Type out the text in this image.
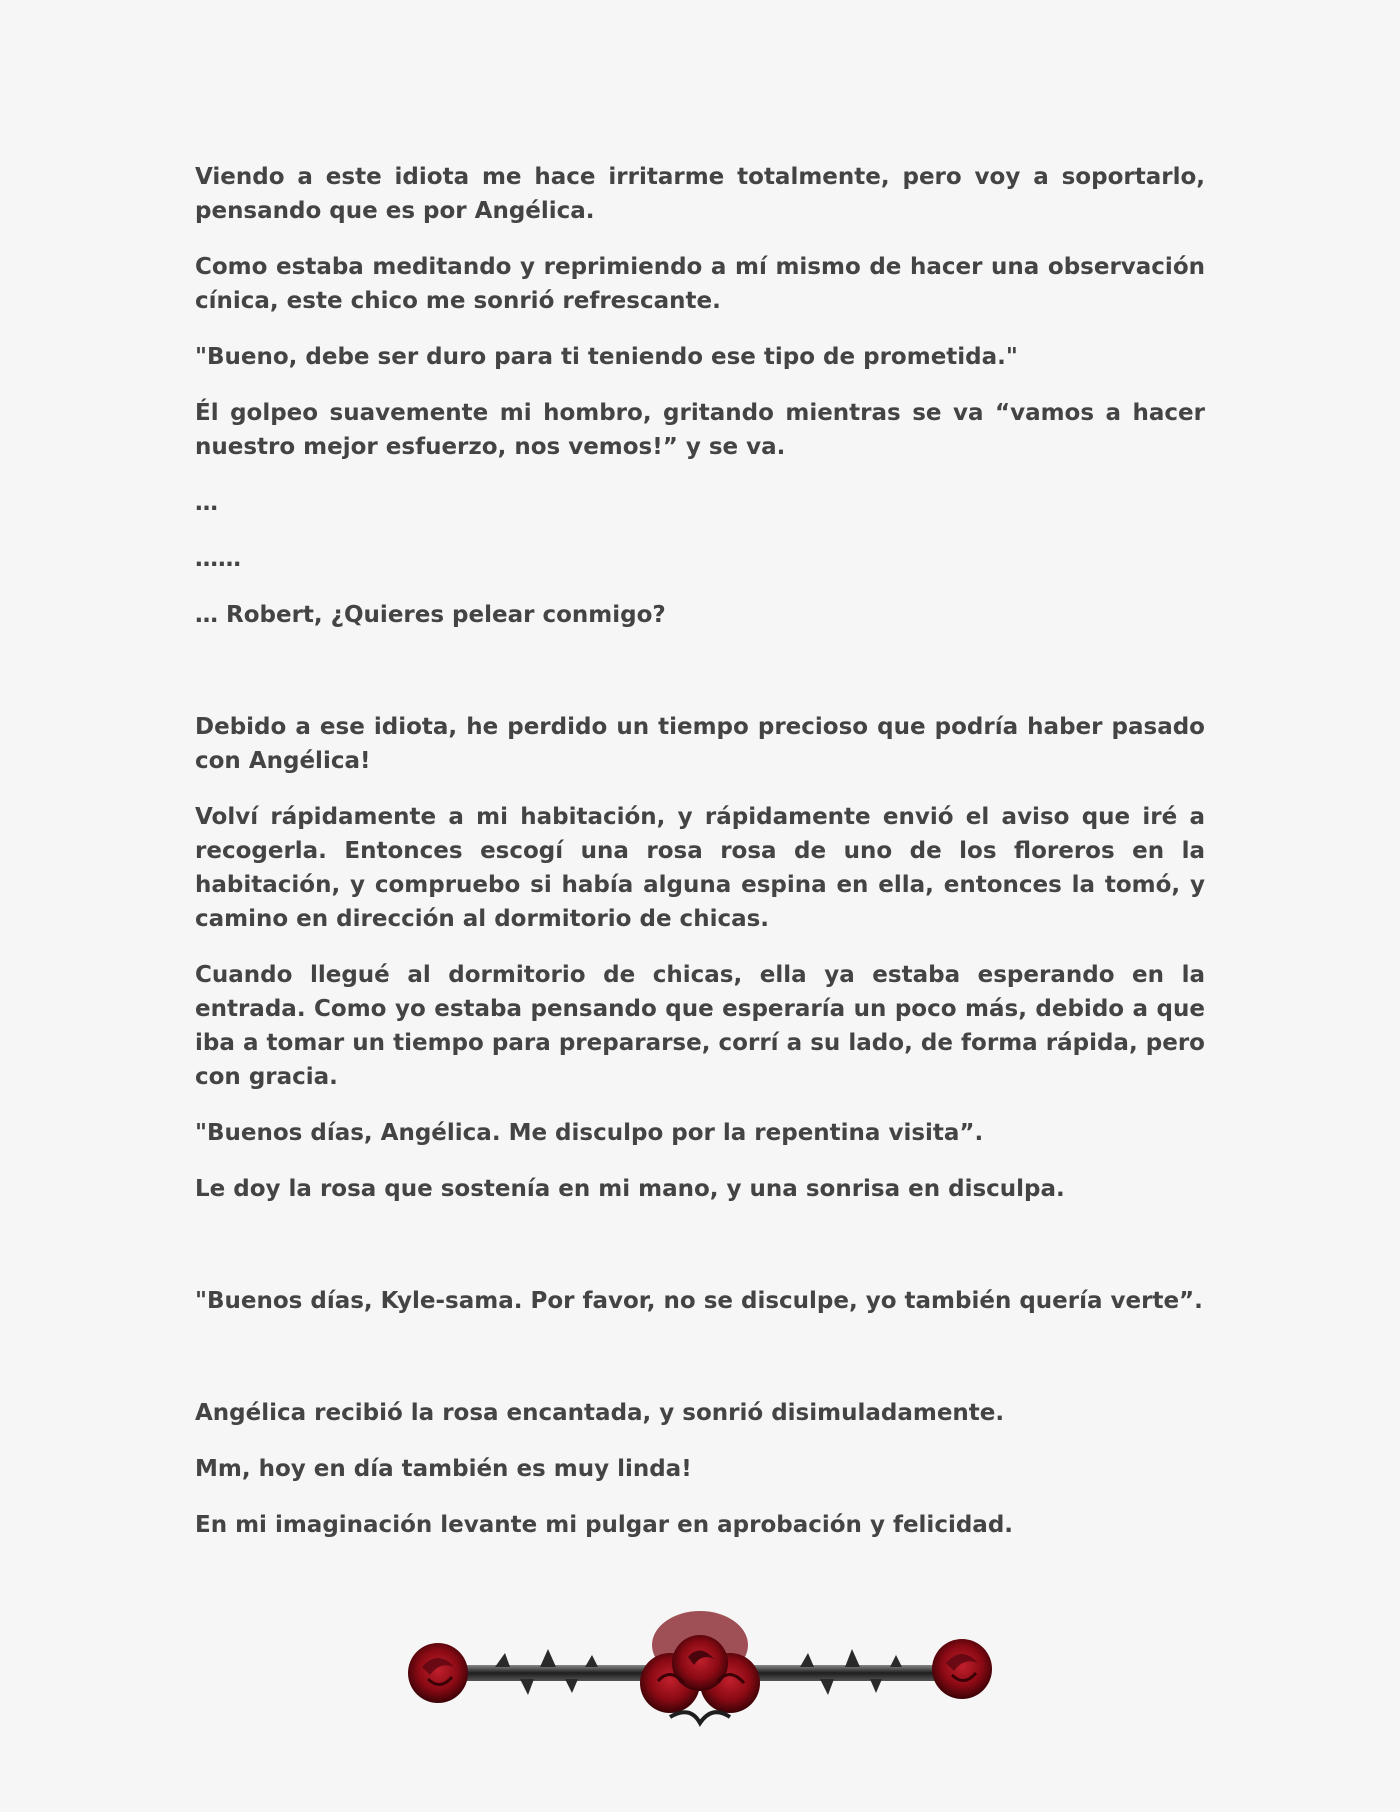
Viendo a este idiota me hace irritarme totalmente, pero voy a soportarlo, pensando que es por Angélica.

Como estaba meditando y reprimiendo a mí mismo de hacer una observación cínica, este chico me sonrió refrescante.

"Bueno, debe ser duro para ti teniendo ese tipo de prometida."

Él golpeo suavemente mi hombro, gritando mientras se va “vamos a hacer nuestro mejor esfuerzo, nos vemos!” y se va.

…

……

… Robert, ¿Quieres pelear conmigo?

Debido a ese idiota, he perdido un tiempo precioso que podría haber pasado con Angélica!

Volví rápidamente a mi habitación, y rápidamente envió el aviso que iré a recogerla. Entonces escogí una rosa rosa de uno de los floreros en la habitación, y compruebo si había alguna espina en ella, entonces la tomó, y camino en dirección al dormitorio de chicas.

Cuando llegué al dormitorio de chicas, ella ya estaba esperando en la entrada. Como yo estaba pensando que esperaría un poco más, debido a que iba a tomar un tiempo para prepararse, corrí a su lado, de forma rápida, pero con gracia.

"Buenos días, Angélica. Me disculpo por la repentina visita”.

Le doy la rosa que sostenía en mi mano, y una sonrisa en disculpa.

"Buenos días, Kyle-sama. Por favor, no se disculpe, yo también quería verte”.

Angélica recibió la rosa encantada, y sonrió disimuladamente.

Mm, hoy en día también es muy linda!

En mi imaginación levante mi pulgar en aprobación y felicidad.
